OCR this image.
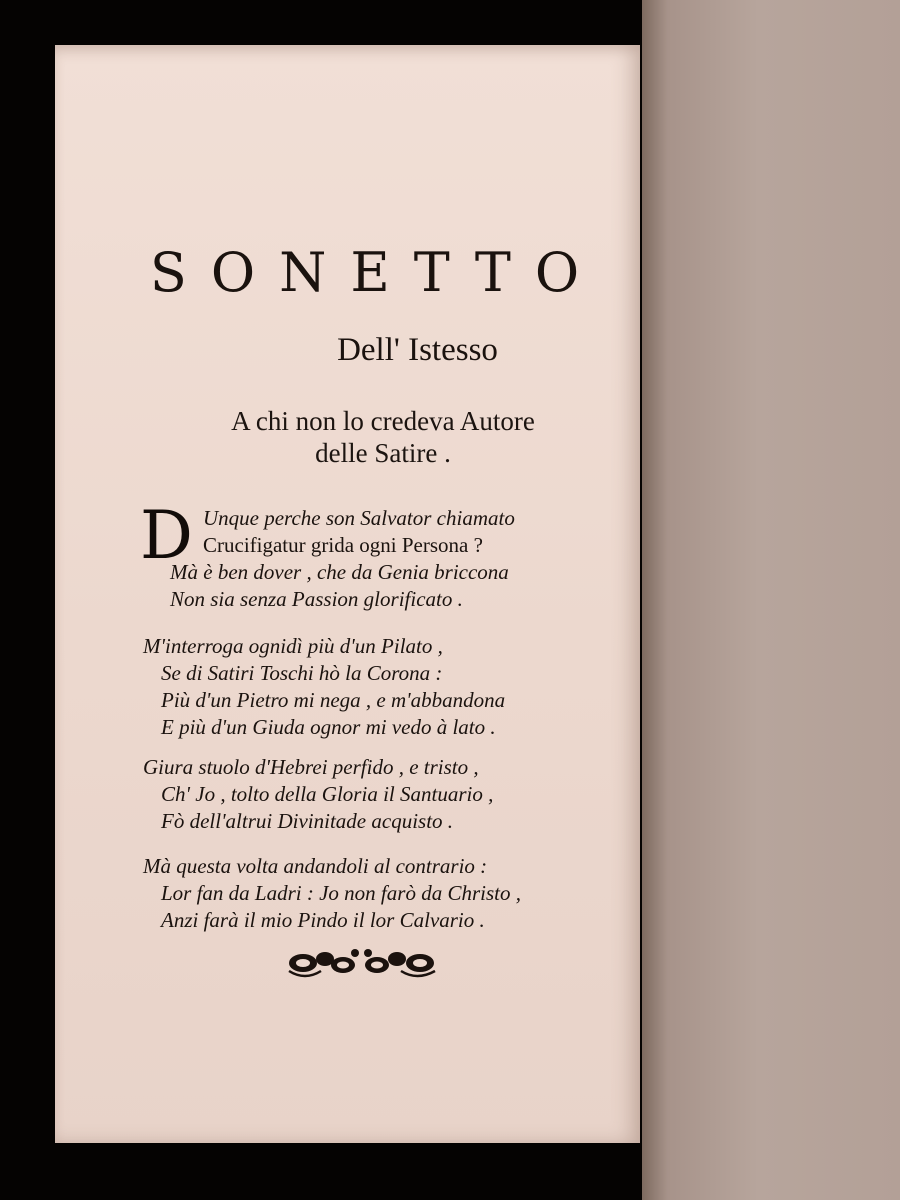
SONETTO
Dell' Istesso
A chi non lo credeva Autore
delle Satire .
D Unque perche son Salvator chiamato
Crucifigatur grida ogni Persona ?
Mà è ben dover , che da Genia briccona
Non sia senza Passion glorificato .
M'interroga ognidì più d'un Pilato ,
Se di Satiri Toschi hò la Corona :
Più d'un Pietro mi nega , e m'abbandona
E più d'un Giuda ognor mi vedo à lato .
Giura stuolo d'Hebrei perfido , e tristo ,
Ch' Jo , tolto della Gloria il Santuario ,
Fò dell'altrui Divinitade acquisto .
Mà questa volta andandoli al contrario :
Lor fan da Ladri : Jo non farò da Christo ,
Anzi farà il mio Pindo il lor Calvario .
